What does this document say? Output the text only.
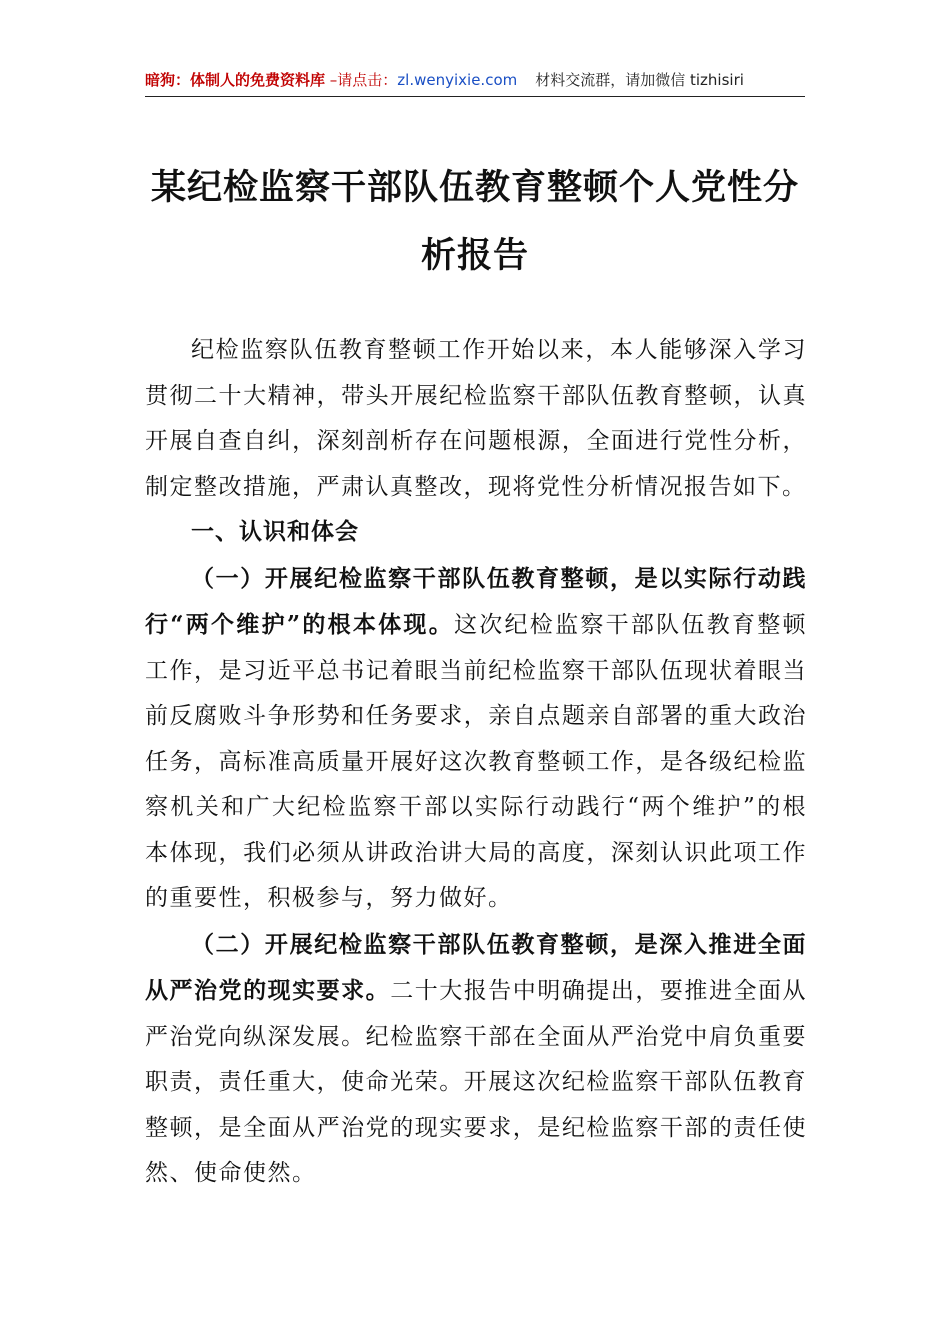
暗狗：体制人的免费资料库 –请点击：zl.wenyixie.com 材料交流群，请加微信 tizhisiri
某纪检监察干部队伍教育整顿个人党性分
析报告

纪检监察队伍教育整顿工作开始以来，本人能够深入学习贯彻二十大精神，带头开展纪检监察干部队伍教育整顿，认真开展自查自纠，深刻剖析存在问题根源，全面进行党性分析，制定整改措施，严肃认真整改，现将党性分析情况报告如下。

一、认识和体会

（一）开展纪检监察干部队伍教育整顿，是以实际行动践行“两个维护”的根本体现。这次纪检监察干部队伍教育整顿工作，是习近平总书记着眼当前纪检监察干部队伍现状着眼当前反腐败斗争形势和任务要求，亲自点题亲自部署的重大政治任务，高标准高质量开展好这次教育整顿工作，是各级纪检监察机关和广大纪检监察干部以实际行动践行“两个维护”的根本体现，我们必须从讲政治讲大局的高度，深刻认识此项工作的重要性，积极参与，努力做好。

（二）开展纪检监察干部队伍教育整顿，是深入推进全面从严治党的现实要求。二十大报告中明确提出，要推进全面从严治党向纵深发展。纪检监察干部在全面从严治党中肩负重要职责，责任重大，使命光荣。开展这次纪检监察干部队伍教育整顿，是全面从严治党的现实要求，是纪检监察干部的责任使然、使命使然。
